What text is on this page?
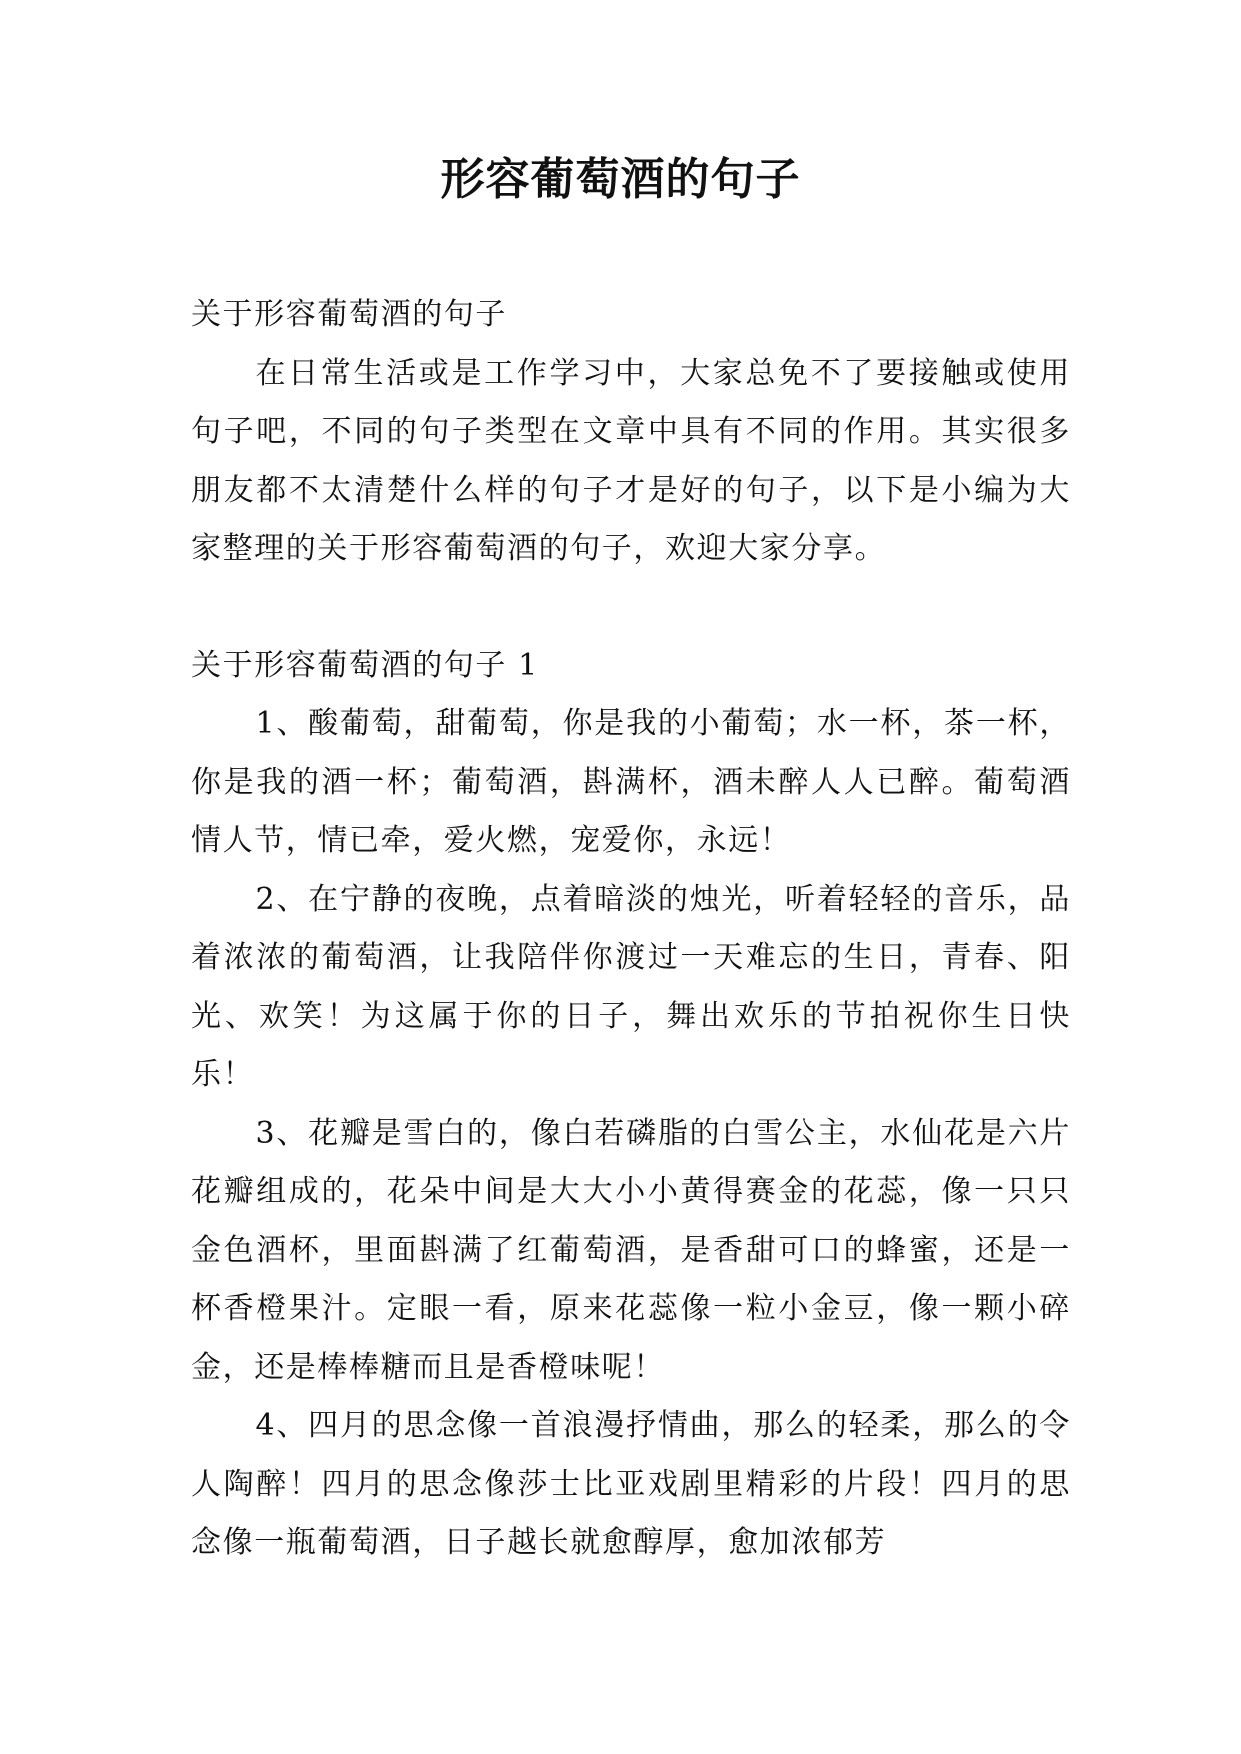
形容葡萄酒的句子

关于形容葡萄酒的句子

在日常生活或是工作学习中，大家总免不了要接触或使用句子吧，不同的句子类型在文章中具有不同的作用。其实很多朋友都不太清楚什么样的句子才是好的句子，以下是小编为大家整理的关于形容葡萄酒的句子，欢迎大家分享。

关于形容葡萄酒的句子 1

1、酸葡萄，甜葡萄，你是我的小葡萄；水一杯，茶一杯，你是我的酒一杯；葡萄酒，斟满杯，酒未醉人人已醉。葡萄酒情人节，情已牵，爱火燃，宠爱你，永远！

2、在宁静的夜晚，点着暗淡的烛光，听着轻轻的音乐，品着浓浓的葡萄酒，让我陪伴你渡过一天难忘的生日，青春、阳光、欢笑！为这属于你的日子，舞出欢乐的节拍祝你生日快乐！

3、花瓣是雪白的，像白若磷脂的白雪公主，水仙花是六片花瓣组成的，花朵中间是大大小小黄得赛金的花蕊，像一只只金色酒杯，里面斟满了红葡萄酒，是香甜可口的蜂蜜，还是一杯香橙果汁。定眼一看，原来花蕊像一粒小金豆，像一颗小碎金，还是棒棒糖而且是香橙味呢！

4、四月的思念像一首浪漫抒情曲，那么的轻柔，那么的令人陶醉！四月的思念像莎士比亚戏剧里精彩的片段！四月的思念像一瓶葡萄酒，日子越长就愈醇厚，愈加浓郁芳
